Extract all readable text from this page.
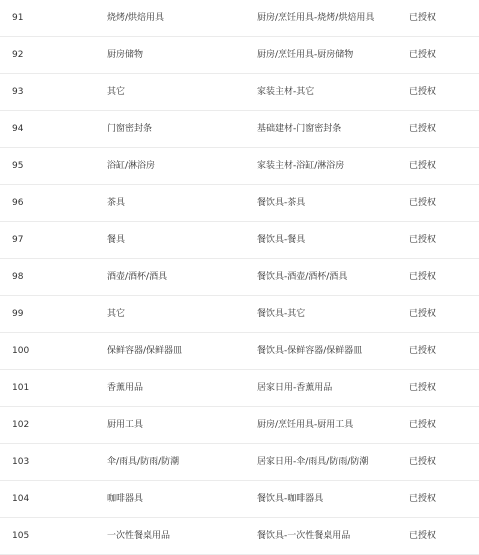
91	烧烤/烘焙用具	厨房/烹饪用具-烧烤/烘焙用具	已授权
92	厨房储物	厨房/烹饪用具-厨房储物	已授权
93	其它	家装主材-其它	已授权
94	门窗密封条	基础建材-门窗密封条	已授权
95	浴缸/淋浴房	家装主材-浴缸/淋浴房	已授权
96	茶具	餐饮具-茶具	已授权
97	餐具	餐饮具-餐具	已授权
98	酒壶/酒杯/酒具	餐饮具-酒壶/酒杯/酒具	已授权
99	其它	餐饮具-其它	已授权
100	保鲜容器/保鲜器皿	餐饮具-保鲜容器/保鲜器皿	已授权
101	香薰用品	居家日用-香薰用品	已授权
102	厨用工具	厨房/烹饪用具-厨用工具	已授权
103	伞/雨具/防雨/防潮	居家日用-伞/雨具/防雨/防潮	已授权
104	咖啡器具	餐饮具-咖啡器具	已授权
105	一次性餐桌用品	餐饮具-一次性餐桌用品	已授权
